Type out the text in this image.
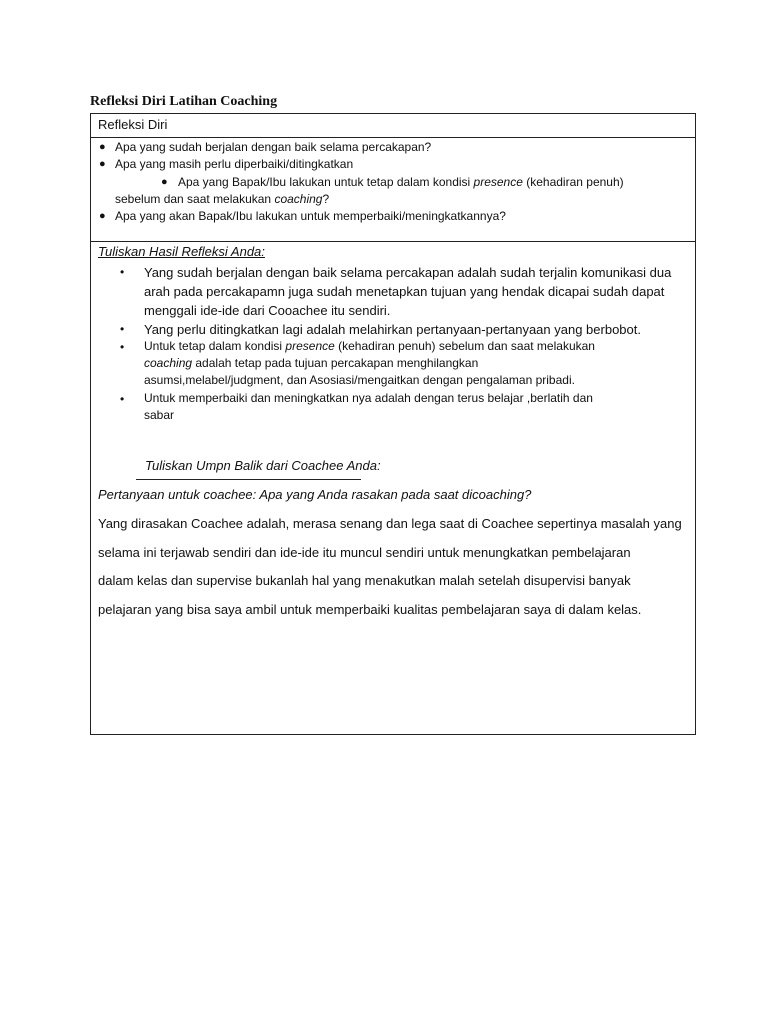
Refleksi Diri Latihan Coaching
Refleksi Diri
● Apa yang sudah berjalan dengan baik selama percakapan?
● Apa yang masih perlu diperbaiki/ditingkatkan
● Apa yang Bapak/Ibu lakukan untuk tetap dalam kondisi presence (kehadiran penuh)
sebelum dan saat melakukan coaching?
● Apa yang akan Bapak/Ibu lakukan untuk memperbaiki/meningkatkannya?
Tuliskan Hasil Refleksi Anda:
• Yang sudah berjalan dengan baik selama percakapan adalah sudah terjalin komunikasi dua
arah pada percakapamn juga sudah menetapkan tujuan yang hendak dicapai sudah dapat
menggali ide-ide dari Cooachee itu sendiri.
• Yang perlu ditingkatkan lagi adalah melahirkan pertanyaan-pertanyaan yang berbobot.
• Untuk tetap dalam kondisi presence (kehadiran penuh) sebelum dan saat melakukan
coaching adalah tetap pada tujuan percakapan menghilangkan
asumsi,melabel/judgment, dan Asosiasi/mengaitkan dengan pengalaman pribadi.
• Untuk memperbaiki dan meningkatkan nya adalah dengan terus belajar ,berlatih dan
sabar
Tuliskan Umpn Balik dari Coachee Anda:
Pertanyaan untuk coachee: Apa yang Anda rasakan pada saat dicoaching?
Yang dirasakan Coachee adalah, merasa senang dan lega saat di Coachee sepertinya masalah yang
selama ini terjawab sendiri dan ide-ide itu muncul sendiri untuk menungkatkan pembelajaran
dalam kelas dan supervise bukanlah hal yang menakutkan malah setelah disupervisi banyak
pelajaran yang bisa saya ambil untuk memperbaiki kualitas pembelajaran saya di dalam kelas.
